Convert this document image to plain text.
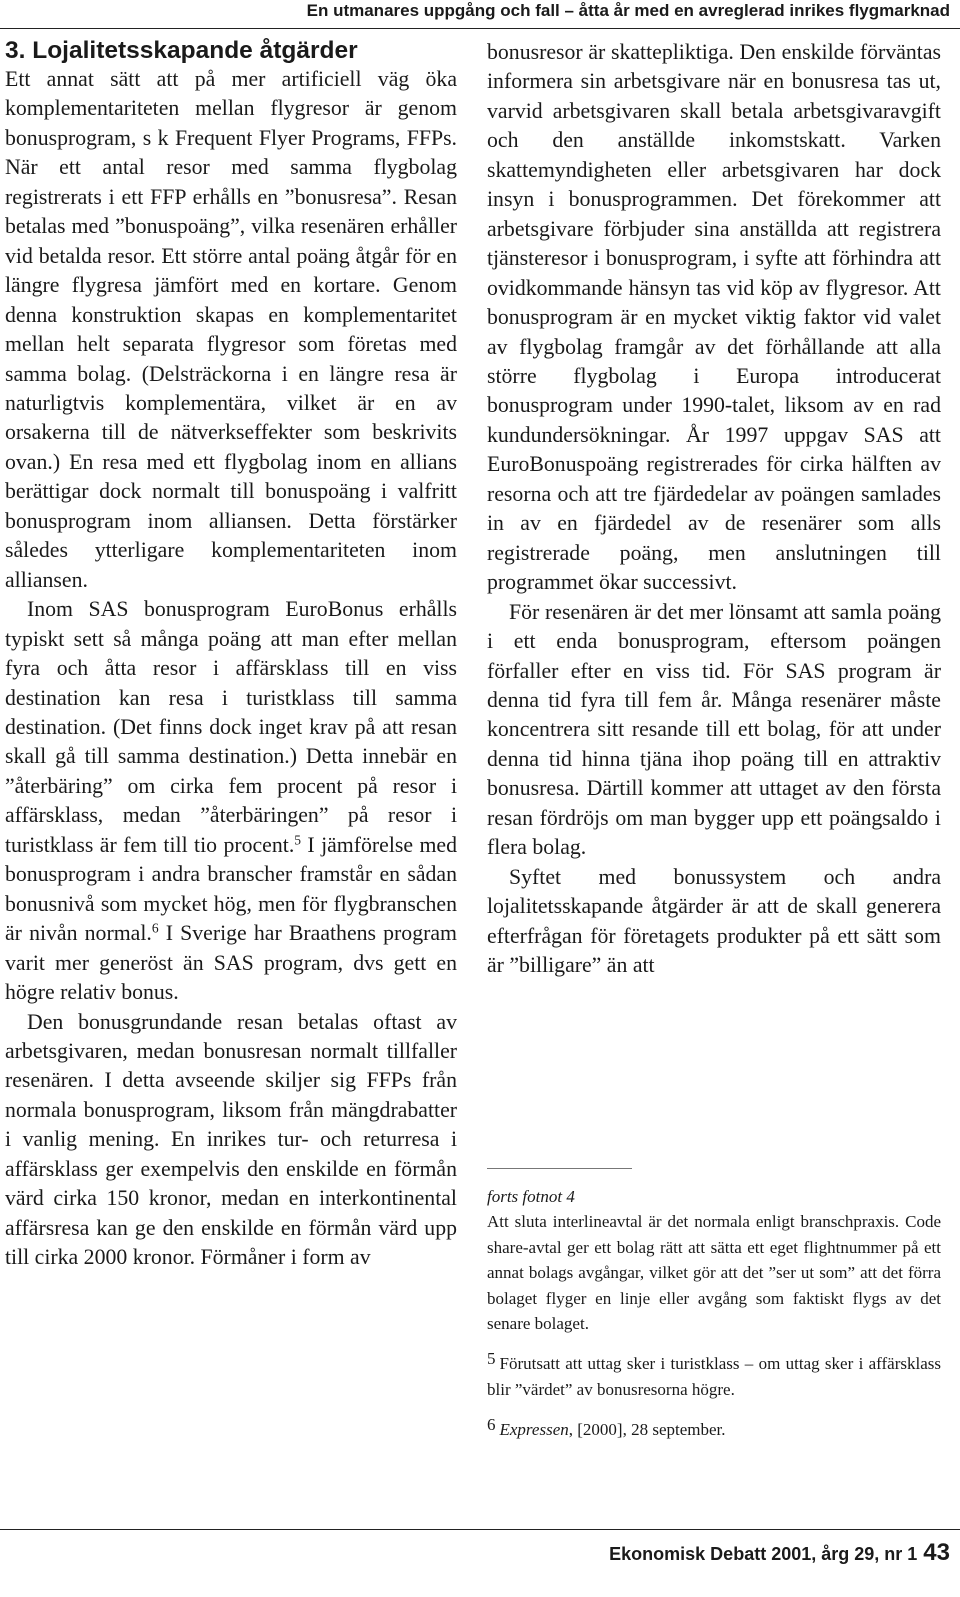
En utmanares uppgång och fall – åtta år med en avreglerad inrikes flygmarknad
3. Lojalitetsskapande åtgärder

Ett annat sätt att på mer artificiell väg öka komplementariteten mellan flygresor är genom bonusprogram, s k Frequent Flyer Programs, FFPs. När ett antal resor med samma flygbolag registrerats i ett FFP erhålls en ”bonusresa”. Resan betalas med ”bonuspoäng”, vilka resenären erhåller vid betalda resor. Ett större antal poäng åtgår för en längre flygresa jämfört med en kortare. Genom denna konstruktion skapas en komplementaritet mellan helt separata flygresor som företas med samma bolag. (Delsträckorna i en längre resa är naturligtvis komplementära, vilket är en av orsakerna till de nätverkseffekter som beskrivits ovan.) En resa med ett flygbolag inom en allians berättigar dock normalt till bonuspoäng i valfritt bonusprogram inom alliansen. Detta förstärker således ytterligare komplementariteten inom alliansen.

Inom SAS bonusprogram EuroBonus erhålls typiskt sett så många poäng att man efter mellan fyra och åtta resor i affärsklass till en viss destination kan resa i turistklass till samma destination. (Det finns dock inget krav på att resan skall gå till samma destination.) Detta innebär en ”återbäring” om cirka fem procent på resor i affärsklass, medan ”återbäringen” på resor i turistklass är fem till tio procent.$^5$ I jämförelse med bonusprogram i andra branscher framstår en sådan bonusnivå som mycket hög, men för flygbranschen är nivån normal.$^6$ I Sverige har Braathens program varit mer generöst än SAS program, dvs gett en högre relativ bonus.

Den bonusgrundande resan betalas oftast av arbetsgivaren, medan bonusresan normalt tillfaller resenären. I detta avseende skiljer sig FFPs från normala bonusprogram, liksom från mängdrabatter i vanlig mening. En inrikes tur- och returresa i affärsklass ger exempelvis den enskilde en förmån värd cirka 150 kronor, medan en interkontinental affärsresa kan ge den enskilde en förmån värd upp till cirka 2000 kronor. Förmåner i form av

bonusresor är skattepliktiga. Den enskilde förväntas informera sin arbetsgivare när en bonusresa tas ut, varvid arbetsgivaren skall betala arbetsgivaravgift och den anställde inkomstskatt. Varken skattemyndigheten eller arbetsgivaren har dock insyn i bonusprogrammen. Det förekommer att arbetsgivare förbjuder sina anställda att registrera tjänsteresor i bonusprogram, i syfte att förhindra att ovidkommande hänsyn tas vid köp av flygresor. Att bonusprogram är en mycket viktig faktor vid valet av flygbolag framgår av det förhållande att alla större flygbolag i Europa introducerat bonusprogram under 1990-talet, liksom av en rad kundundersökningar. År 1997 uppgav SAS att EuroBonuspoäng registrerades för cirka hälften av resorna och att tre fjärdedelar av poängen samlades in av en fjärdedel av de resenärer som alls registrerade poäng, men anslutningen till programmet ökar successivt.

För resenären är det mer lönsamt att samla poäng i ett enda bonusprogram, eftersom poängen förfaller efter en viss tid. För SAS program är denna tid fyra till fem år. Många resenärer måste koncentrera sitt resande till ett bolag, för att under denna tid hinna tjäna ihop poäng till en attraktiv bonusresa. Därtill kommer att uttaget av den första resan fördröjs om man bygger upp ett poängsaldo i flera bolag.

Syftet med bonussystem och andra lojalitetsskapande åtgärder är att de skall generera efterfrågan för företagets produkter på ett sätt som är ”billigare” än att

forts fotnot 4

Att sluta interlineavtal är det normala enligt branschpraxis. Code share-avtal ger ett bolag rätt att sätta ett eget flightnummer på ett annat bolags avgångar, vilket gör att det ”ser ut som” att det förra bolaget flyger en linje eller avgång som faktiskt flygs av det senare bolaget.

5 Förutsatt att uttag sker i turistklass – om uttag sker i affärsklass blir ”värdet” av bonusresorna högre.

6 Expressen, [2000], 28 september.

Ekonomisk Debatt 2001, årg 29, nr 1 43
